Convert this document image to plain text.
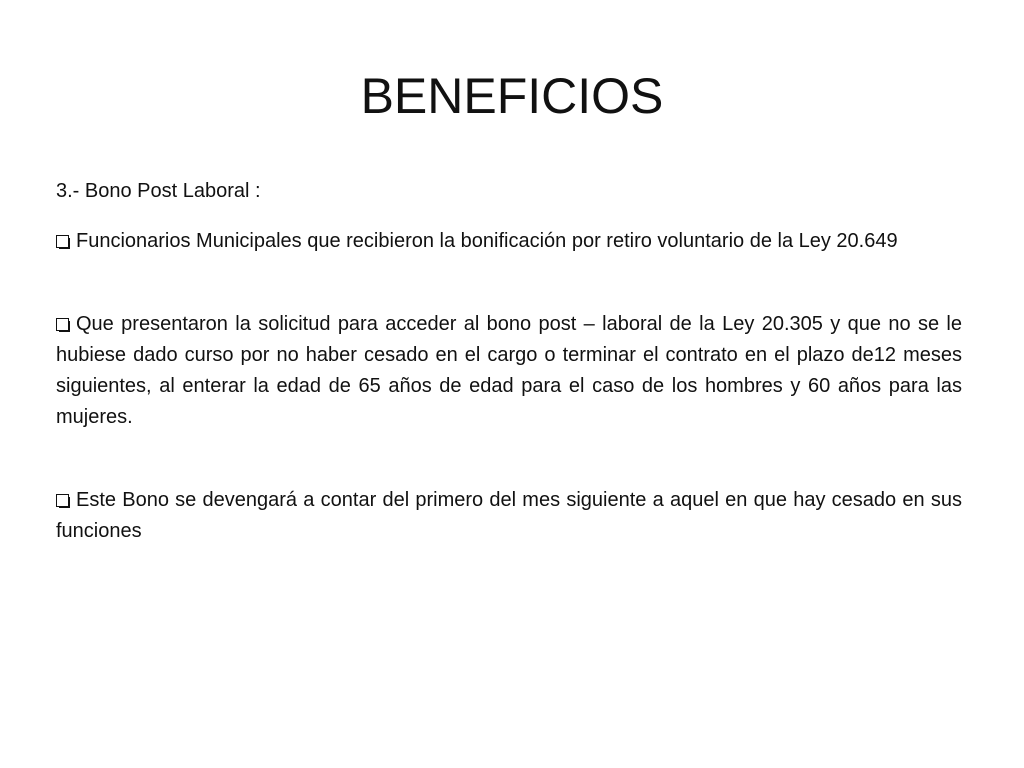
BENEFICIOS

3.- Bono Post Laboral :

Funcionarios Municipales que recibieron la bonificación por retiro voluntario de la Ley 20.649

Que presentaron la solicitud para acceder al bono post – laboral de la Ley 20.305 y que no se le hubiese dado curso por no haber cesado en el cargo o terminar el contrato en el plazo de12 meses siguientes, al enterar la edad de 65 años de edad para el caso de los hombres y 60 años para las mujeres.

Este Bono se devengará a contar del primero del mes siguiente a aquel en que hay cesado en sus funciones
